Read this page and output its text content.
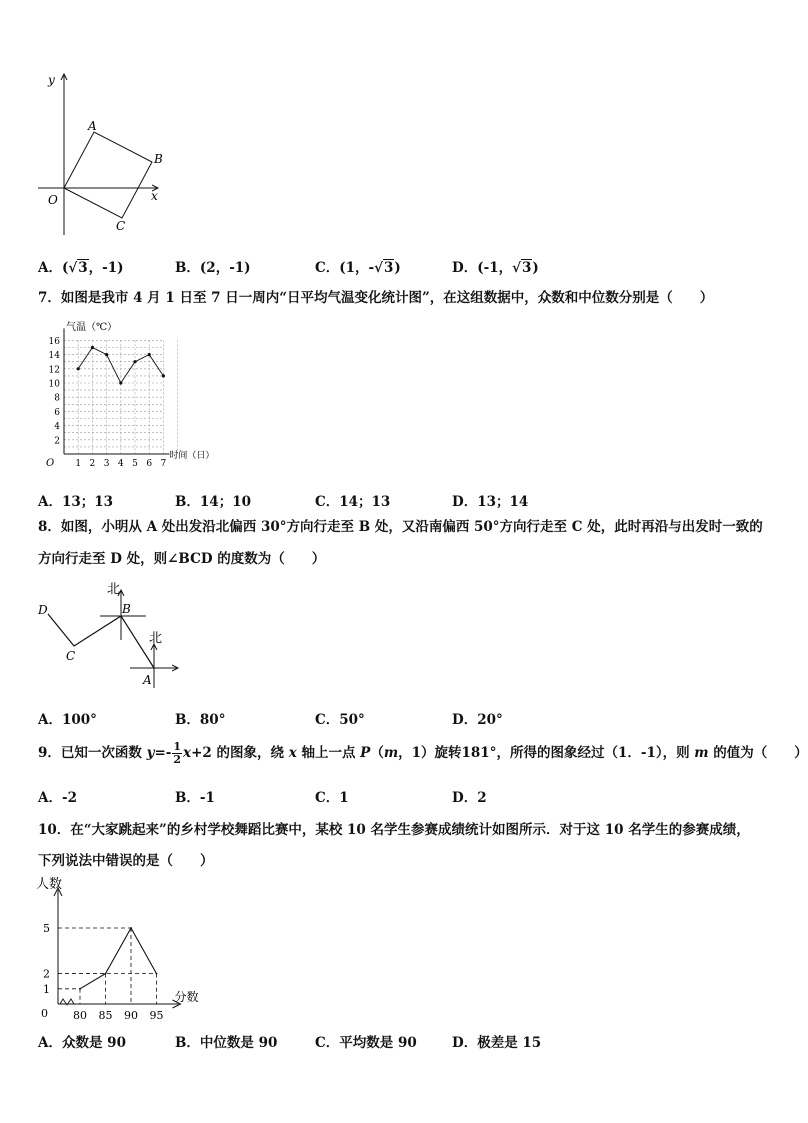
y
x
O
A
B
C
A．(√3，-1)	B．(2，-1)	C．(1，-√3)	D．(-1，√3)
7．如图是我市 4 月 1 日至 7 日一周内“日平均气温变化统计图”，在这组数据中，众数和中位数分别是（　　）
O
气温（℃）
时间（日）
2
4
6
8
10
12
14
16
1 2 3 4 5 6 7
A．13；13	B．14；10	C．14；13	D．13；14
8．如图，小明从 A 处出发沿北偏西 30°方向行走至 B 处，又沿南偏西 50°方向行走至 C 处，此时再沿与出发时一致的
方向行走至 D 处，则∠BCD 的度数为（　　）
北
北
B
C
D
A
A．100°	B．80°	C．50°	D．20°
9．已知一次函数 $y=- \frac{1}{2} x+2$ 的图象，绕 x 轴上一点 P（m，1）旋转181°，所得的图象经过（1．-1），则 m 的值为（　　）
A．-2	B．-1	C．1	D．2
10．在“大家跳起来”的乡村学校舞蹈比赛中，某校 10 名学生参赛成绩统计如图所示．对于这 10 名学生的参赛成绩，
下列说法中错误的是（　　）
人数
分数
0
1
2
5
80 85 90 95
A．众数是 90	B．中位数是 90	C．平均数是 90	D．极差是 15
